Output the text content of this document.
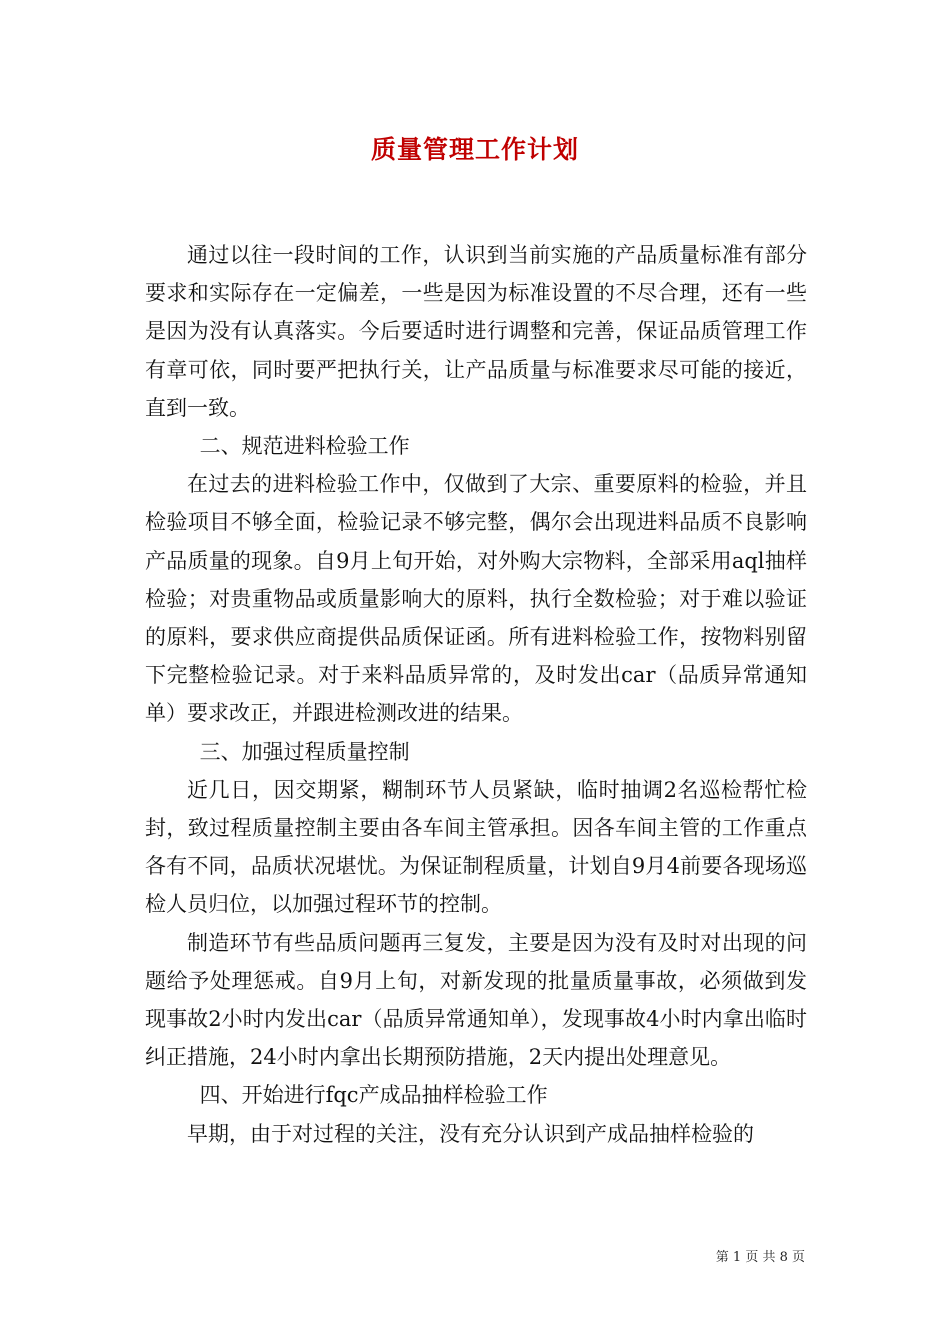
质量管理工作计划

通过以往一段时间的工作，认识到当前实施的产品质量标准有部分要求和实际存在一定偏差，一些是因为标准设置的不尽合理，还有一些是因为没有认真落实。今后要适时进行调整和完善，保证品质管理工作有章可依，同时要严把执行关，让产品质量与标准要求尽可能的接近，直到一致。

二、规范进料检验工作

在过去的进料检验工作中，仅做到了大宗、重要原料的检验，并且检验项目不够全面，检验记录不够完整，偶尔会出现进料品质不良影响产品质量的现象。自9月上旬开始，对外购大宗物料，全部采用aql抽样检验；对贵重物品或质量影响大的原料，执行全数检验；对于难以验证的原料，要求供应商提供品质保证函。所有进料检验工作，按物料别留下完整检验记录。对于来料品质异常的，及时发出car（品质异常通知单）要求改正，并跟进检测改进的结果。

三、加强过程质量控制

近几日，因交期紧，糊制环节人员紧缺，临时抽调2名巡检帮忙检封，致过程质量控制主要由各车间主管承担。因各车间主管的工作重点各有不同，品质状况堪忧。为保证制程质量，计划自9月4前要各现场巡检人员归位，以加强过程环节的控制。

制造环节有些品质问题再三复发，主要是因为没有及时对出现的问题给予处理惩戒。自9月上旬，对新发现的批量质量事故，必须做到发现事故2小时内发出car（品质异常通知单），发现事故4小时内拿出临时纠正措施，24小时内拿出长期预防措施，2天内提出处理意见。

四、开始进行fqc产成品抽样检验工作

早期，由于对过程的关注，没有充分认识到产成品抽样检验的

第 1 页 共 8 页
